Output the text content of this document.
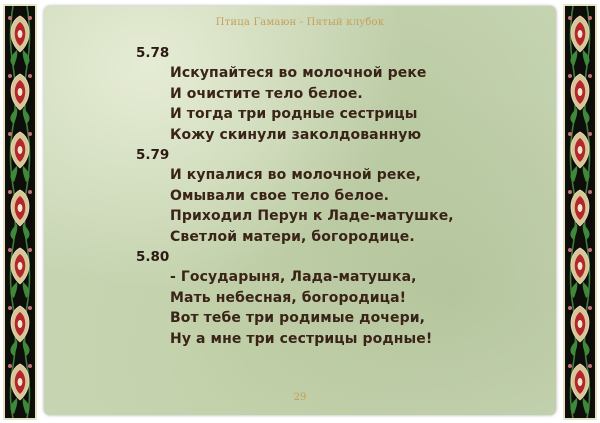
Птица Гамаюн - Пятый клубок
5.78
Искупайтеся во молочной реке
И очистите тело белое.
И тогда три родные сестрицы
Кожу скинули заколдованную
5.79
И купалися во молочной реке,
Омывали свое тело белое.
Приходил Перун к Ладе-матушке,
Светлой матери, богородице.
5.80
- Государыня, Лада-матушка,
Мать небесная, богородица!
Вот тебе три родимые дочери,
Ну а мне три сестрицы родные!
29
